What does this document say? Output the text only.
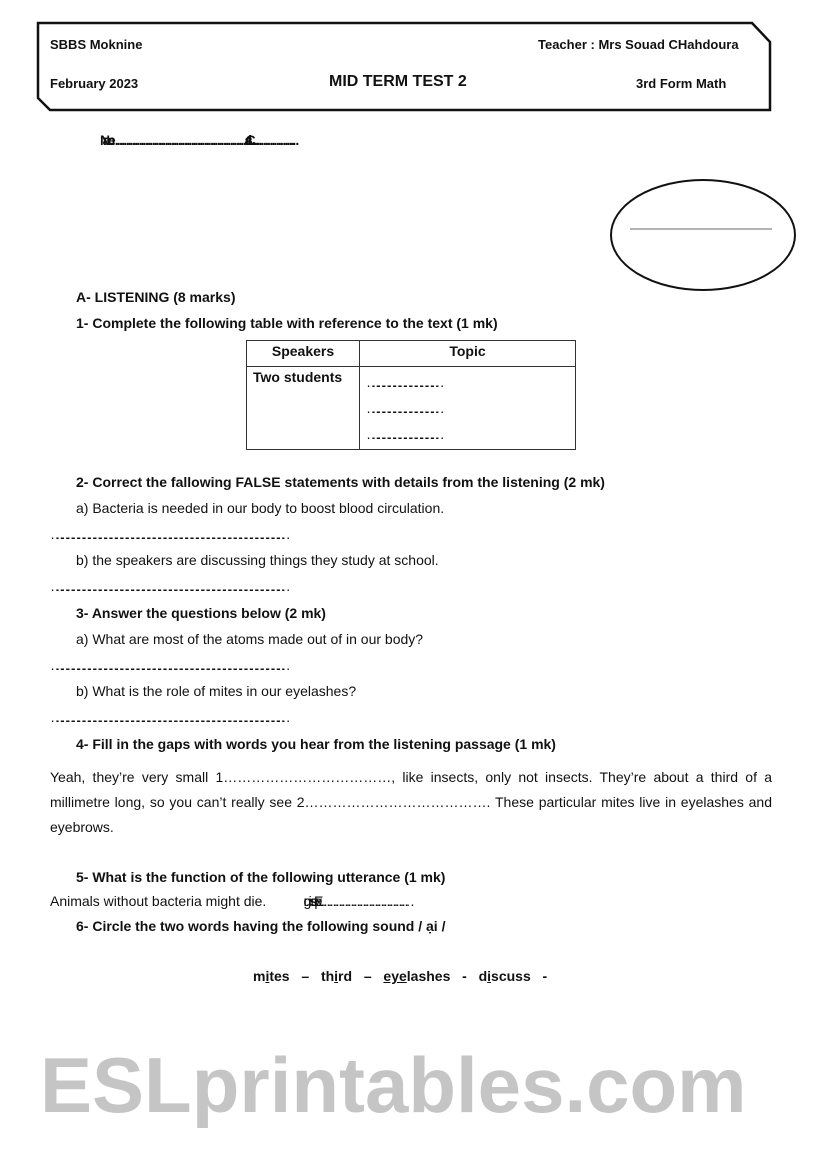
SBBS Moknine	Teacher : Mrs Souad CHahdoura
February 2023	MID TERM TEST 2	3rd Form Math
Name: …………………………………………………………..Class: …………………..
A- LISTENING (8 marks)
1- Complete the following table with reference to the text (1 mk)
Speakers	Topic
Two students	…………………………………
…………………………………
…………………………………
2- Correct the fallowing FALSE statements with details from the listening (2 mk)
a) Bacteria is needed in our body to boost blood circulation.
…………………………………………………………………………………………………………………
b) the speakers are discussing things they study at school.
…………………………………………………………………………………………………………………
3- Answer the questions below (2 mk)
a) What are most of the atoms made out of in our body?
…………………………………………………………………………………………………………………
b) What is the role of mites in our eyelashes?
…………………………………………………………………………………………………………………
4- Fill in the gaps with words you hear from the listening passage (1 mk)

Yeah, they’re very small 1………………………………, like insects, only not insects. They’re about a third of a millimetre long, so you can’t really see 2…………………………………. These particular mites live in eyelashes and eyebrows.

5- What is the function of the following utterance (1 mk)
Animals without bacteria might die.	Expressing: ……………………………………………
6- Circle the two words having the following sound / ại /
mites – third – eyelashes - discuss -
ESLprintables.com
